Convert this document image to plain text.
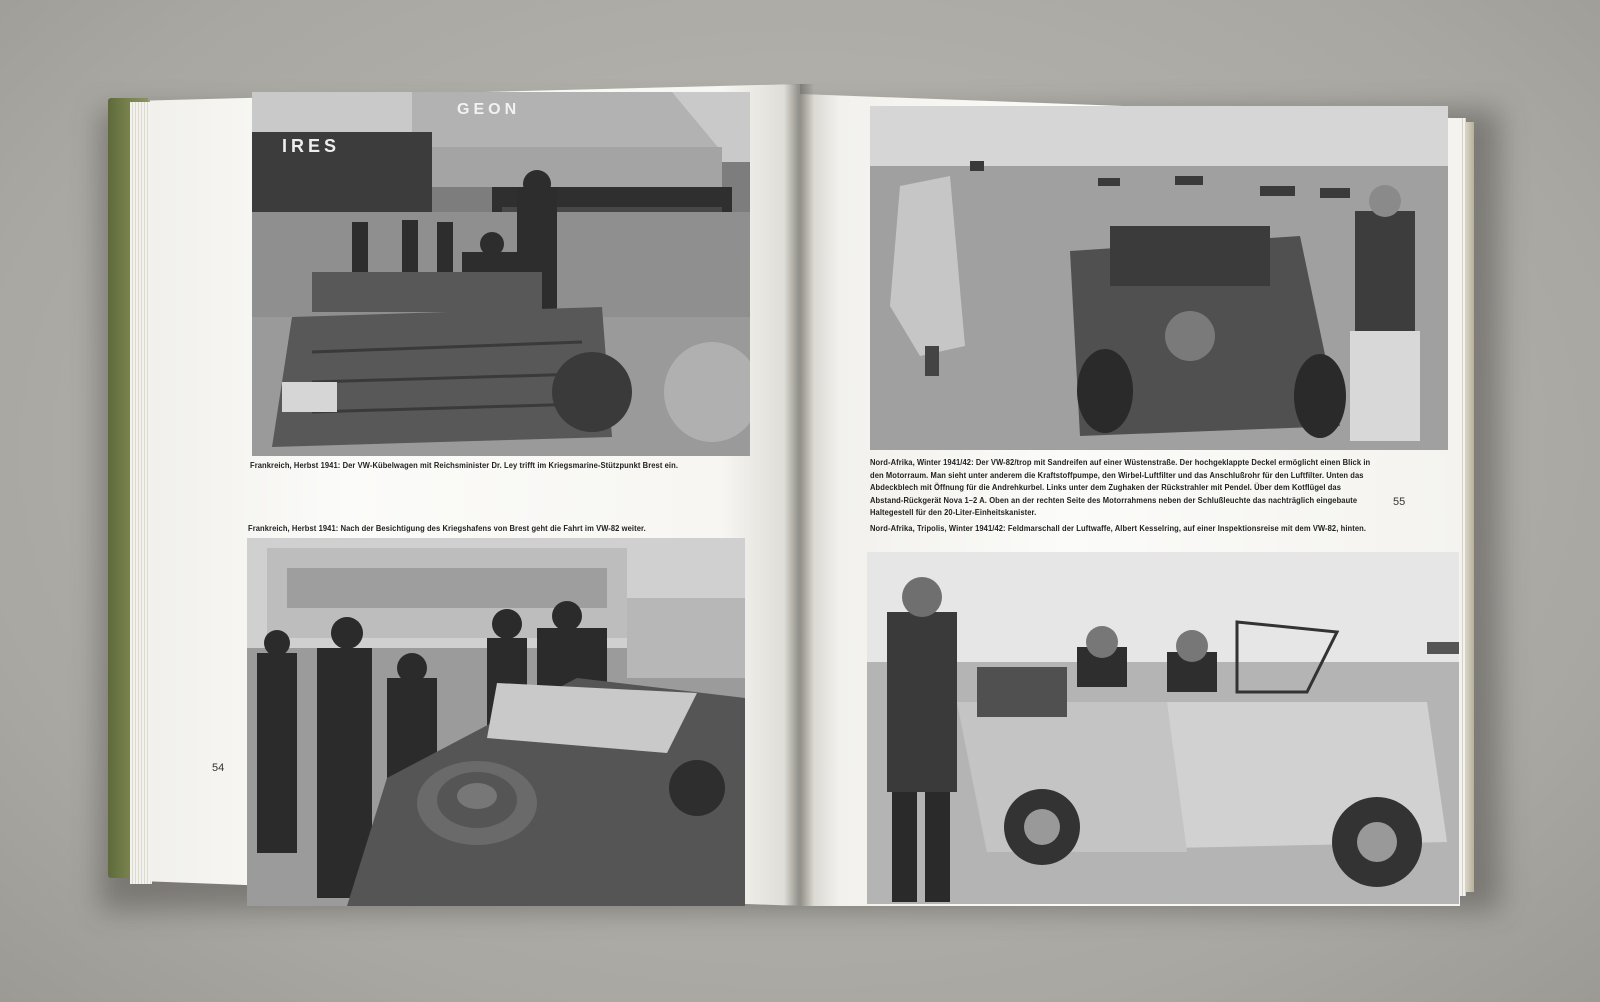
IRES
GEON
Frankreich, Herbst 1941: Der VW-Kübelwagen mit Reichsminister Dr. Ley trifft im Kriegsmarine-Stützpunkt Brest ein.
Frankreich, Herbst 1941: Nach der Besichtigung des Kriegshafens von Brest geht die Fahrt im VW-82 weiter.
54
Nord-Afrika, Winter 1941/42: Der VW-82/trop mit Sandreifen auf einer Wüstenstraße. Der hochgeklappte Deckel ermöglicht einen Blick in den Motorraum. Man sieht unter anderem die Kraftstoffpumpe, den Wirbel-Luftfilter und das Anschlußrohr für den Luftfilter. Unten das Abdeckblech mit Öffnung für die Andrehkurbel. Links unter dem Zughaken der Rückstrahler mit Pendel. Über dem Kotflügel das Abstand-Rückgerät Nova 1–2 A. Oben an der rechten Seite des Motorrahmens neben der Schlußleuchte das nachträglich eingebaute Haltegestell für den 20-Liter-Einheitskanister.
55
Nord-Afrika, Tripolis, Winter 1941/42: Feldmarschall der Luftwaffe, Albert Kesselring, auf einer Inspektionsreise mit dem VW-82, hinten.
